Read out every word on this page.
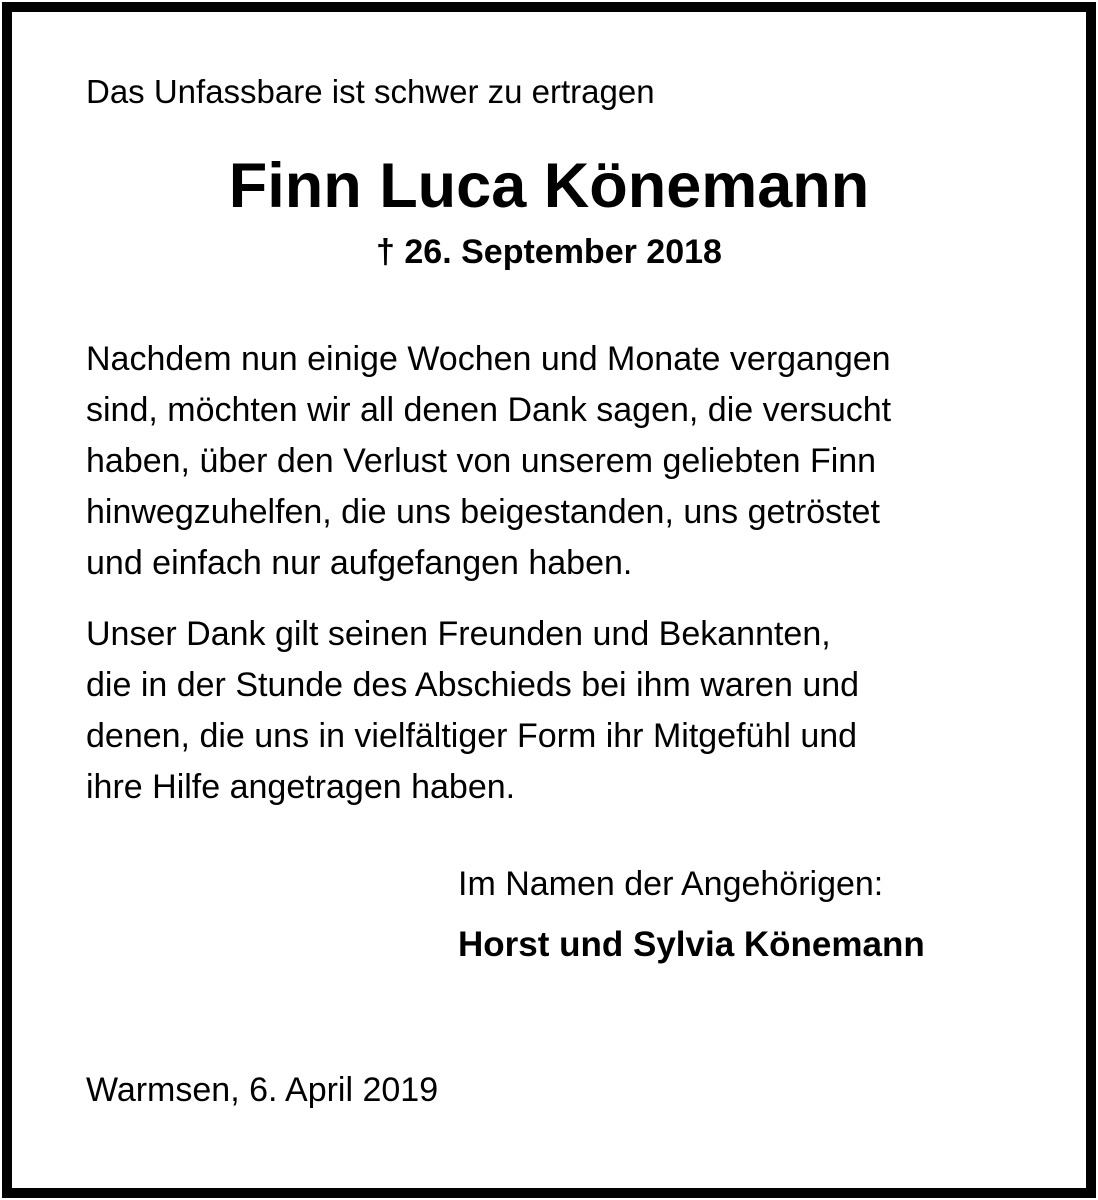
Das Unfassbare ist schwer zu ertragen
Finn Luca Könemann
† 26. September 2018
Nachdem nun einige Wochen und Monate vergangen
sind, möchten wir all denen Dank sagen, die versucht
haben, über den Verlust von unserem geliebten Finn
hinwegzuhelfen, die uns beigestanden, uns getröstet
und einfach nur aufgefangen haben.
Unser Dank gilt seinen Freunden und Bekannten,
die in der Stunde des Abschieds bei ihm waren und
denen, die uns in vielfältiger Form ihr Mitgefühl und
ihre Hilfe angetragen haben.
Im Namen der Angehörigen:
Horst und Sylvia Könemann
Warmsen, 6. April 2019
